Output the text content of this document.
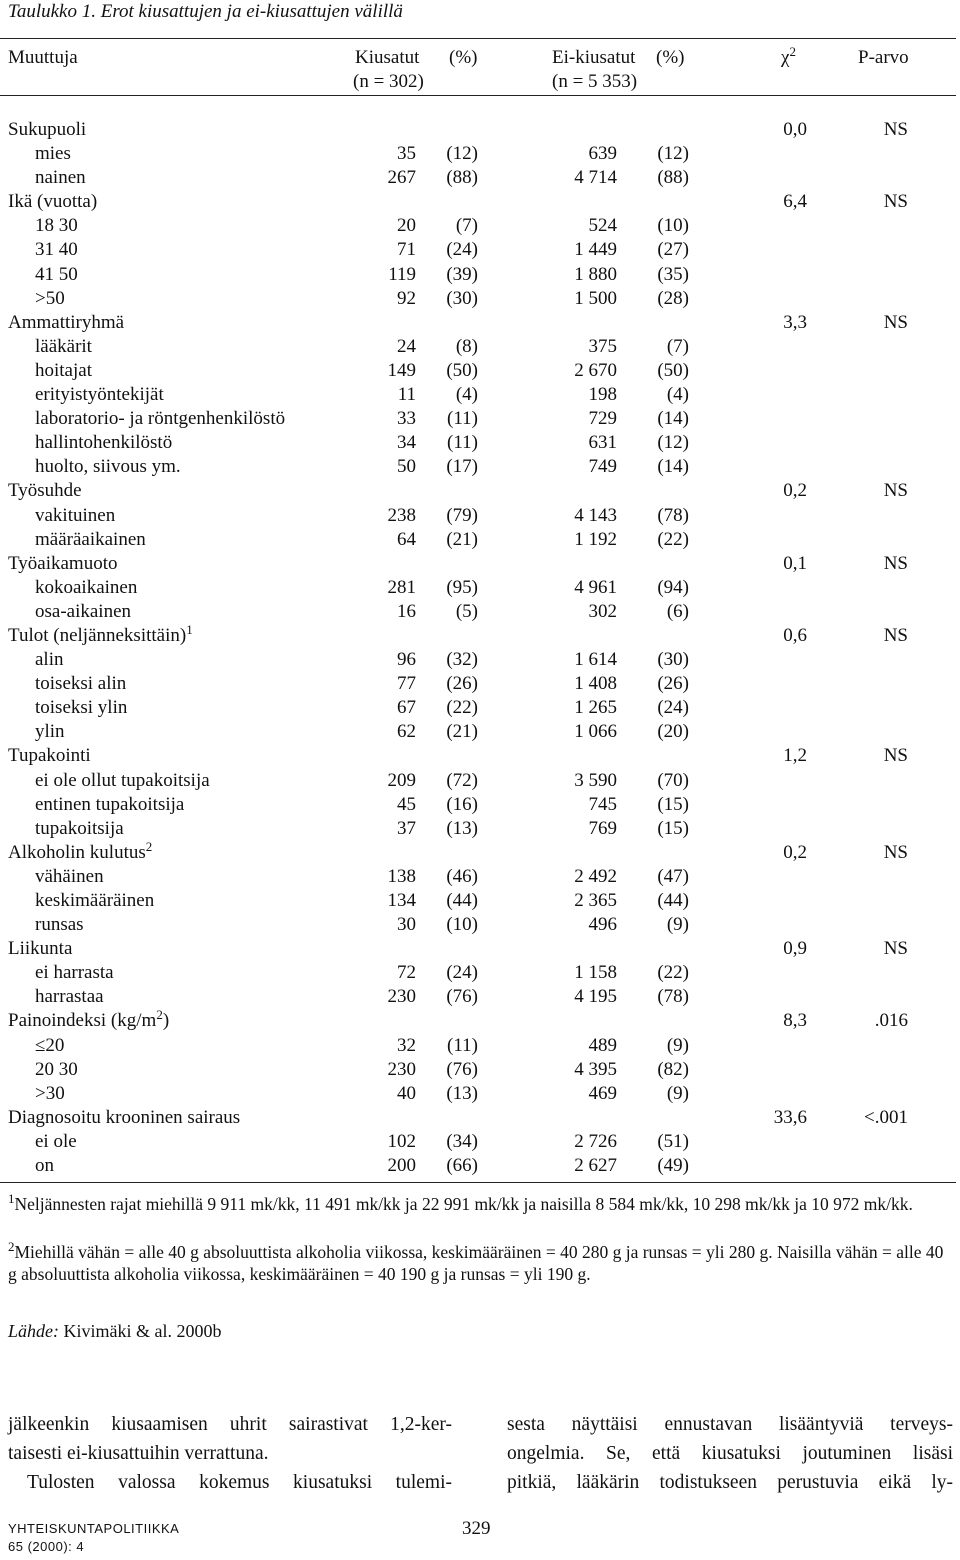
Taulukko 1. Erot kiusattujen ja ei-kiusattujen välillä
Muuttuja	Kiusatut
(n = 302)
(%)	Ei-kiusatut
(n = 5 353)
(%)	$\chi^2$	P-arvo
Sukupuoli	0,0	NS
mies	35 (12)	639 (12)
nainen	267 (88)	4 714 (88)
Ikä (vuotta)	6,4	NS
18 30	20 (7)	524 (10)
31 40	71 (24)	1 449 (27)
41 50	119 (39)	1 880 (35)
>50	92 (30)	1 500 (28)
Ammattiryhmä	3,3	NS
lääkärit	24 (8)	375	(7)
hoitajat	149 (50)	2 670 (50)
erityistyöntekijät	11 (4)	198	(4)
laboratorio- ja röntgenhenkilöstö	33 (11)	729 (14)
hallintohenkilöstö	34 (11)	631 (12)
huolto, siivous ym.	50 (17)	749 (14)
Työsuhde	0,2	NS
vakituinen	238 (79)	4 143 (78)
määräaikainen	64 (21)	1 192 (22)
Työaikamuoto	0,1	NS
kokoaikainen	281 (95)	4 961 (94)
osa-aikainen	16 (5)	302	(6)
Tulot (neljänneksittäin)$^1$	0,6	NS
alin	96 (32)	1 614 (30)
toiseksi alin	77 (26)	1 408 (26)
toiseksi ylin	67 (22)	1 265 (24)
ylin	62 (21)	1 066 (20)
Tupakointi	1,2	NS
ei ole ollut tupakoitsija	209 (72)	3 590 (70)
entinen tupakoitsija	45 (16)	745 (15)
tupakoitsija	37 (13)	769 (15)
Alkoholin kulutus$^2$	0,2	NS
vähäinen	138 (46)	2 492 (47)
keskimääräinen	134 (44)	2 365 (44)
runsas	30 (10)	496	(9)
Liikunta	0,9	NS
ei harrasta	72 (24)	1 158 (22)
harrastaa	230 (76)	4 195 (78)
Painoindeksi $(kg/m^2)$	8,3	.016
≤20	32 (11)	489	(9)
20 30	230 (76)	4 395 (82)
>30	40 (13)	469	(9)
Diagnosoitu krooninen sairaus	33,6	<.001
ei ole	102 (34)	2 726 (51)
on	200 (66)	2 627 (49)
$^1$Neljännesten rajat miehillä 9 911 mk/kk, 11 491 mk/kk ja 22 991 mk/kk ja naisilla 8 584 mk/kk, 10 298 mk/kk ja 10 972 mk/kk.
$^2$Miehillä vähän = alle 40 g absoluuttista alkoholia viikossa, keskimääräinen = 40 280 g ja runsas = yli 280 g. Naisilla vähän = alle 40 g absoluuttista alkoholia viikossa, keskimääräinen = 40 190 g ja runsas = yli 190 g.
Lähde: Kivimäki & al. 2000b

jälkeenkin kiusaamisen uhrit sairastivat 1,2-ker-

taisesti ei-kiusattuihin verrattuna.

Tulosten valossa kokemus kiusatuksi tulemi-

sesta näyttäisi ennustavan lisääntyviä terveys-

ongelmia. Se, että kiusatuksi joutuminen lisäsi

pitkiä, lääkärin todistukseen perustuvia eikä ly-

YHTEISKUNTAPOLITIIKKA
65 (2000): 4
329
